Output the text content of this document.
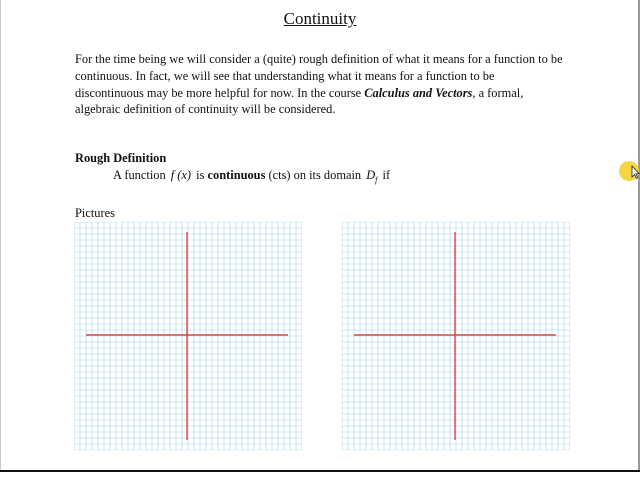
Continuity
For the time being we will consider a (quite) rough definition of what it means for a function to be continuous. In fact, we will see that understanding what it means for a function to be discontinuous may be more helpful for now. In the course Calculus and Vectors, a formal, algebraic definition of continuity will be considered.
Rough Definition
A function f (x) is continuous (cts) on its domain $D_f$ if
Pictures
